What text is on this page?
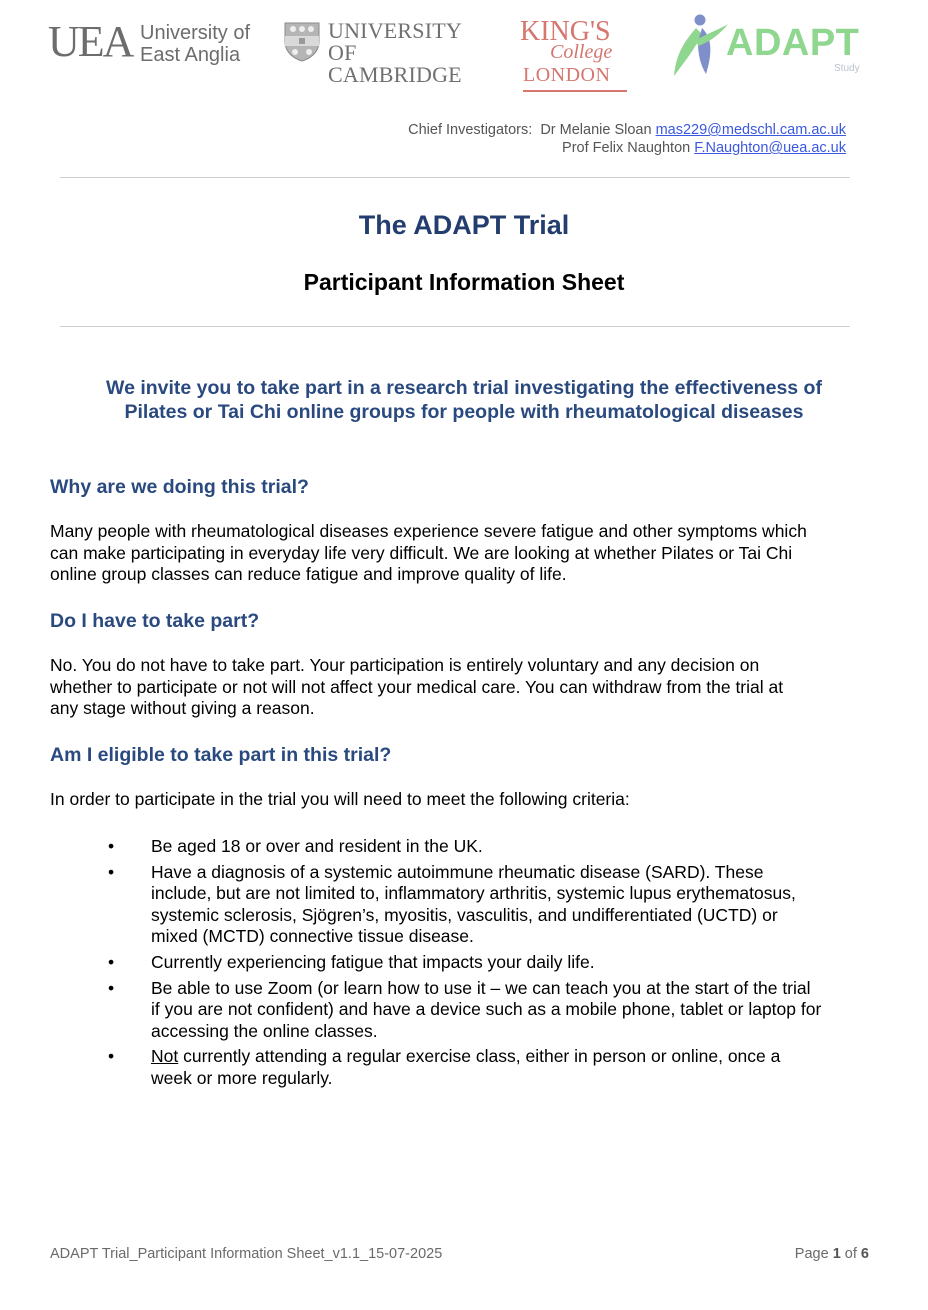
UEA University of
East Anglia
UNIVERSITY OF
CAMBRIDGE
KING'S
College
LONDON
ADAPT
Study
Chief Investigators: Dr Melanie Sloan mas229@medschl.cam.ac.uk
Prof Felix Naughton F.Naughton@uea.ac.uk
The ADAPT Trial
Participant Information Sheet
We invite you to take part in a research trial investigating the effectiveness of
Pilates or Tai Chi online groups for people with rheumatological diseases
Why are we doing this trial?
Many people with rheumatological diseases experience severe fatigue and other symptoms which
can make participating in everyday life very difficult. We are looking at whether Pilates or Tai Chi
online group classes can reduce fatigue and improve quality of life.
Do I have to take part?
No. You do not have to take part. Your participation is entirely voluntary and any decision on
whether to participate or not will not affect your medical care. You can withdraw from the trial at
any stage without giving a reason.
Am I eligible to take part in this trial?
In order to participate in the trial you will need to meet the following criteria:
• Be aged 18 or over and resident in the UK.
• Have a diagnosis of a systemic autoimmune rheumatic disease (SARD). These
include, but are not limited to, inflammatory arthritis, systemic lupus erythematosus,
systemic sclerosis, Sjögren’s, myositis, vasculitis, and undifferentiated (UCTD) or
mixed (MCTD) connective tissue disease.
• Currently experiencing fatigue that impacts your daily life.
• Be able to use Zoom (or learn how to use it – we can teach you at the start of the trial
if you are not confident) and have a device such as a mobile phone, tablet or laptop for
accessing the online classes.
• Not currently attending a regular exercise class, either in person or online, once a
week or more regularly.
ADAPT Trial_Participant Information Sheet_v1.1_15-07-2025	Page 1 of 6
